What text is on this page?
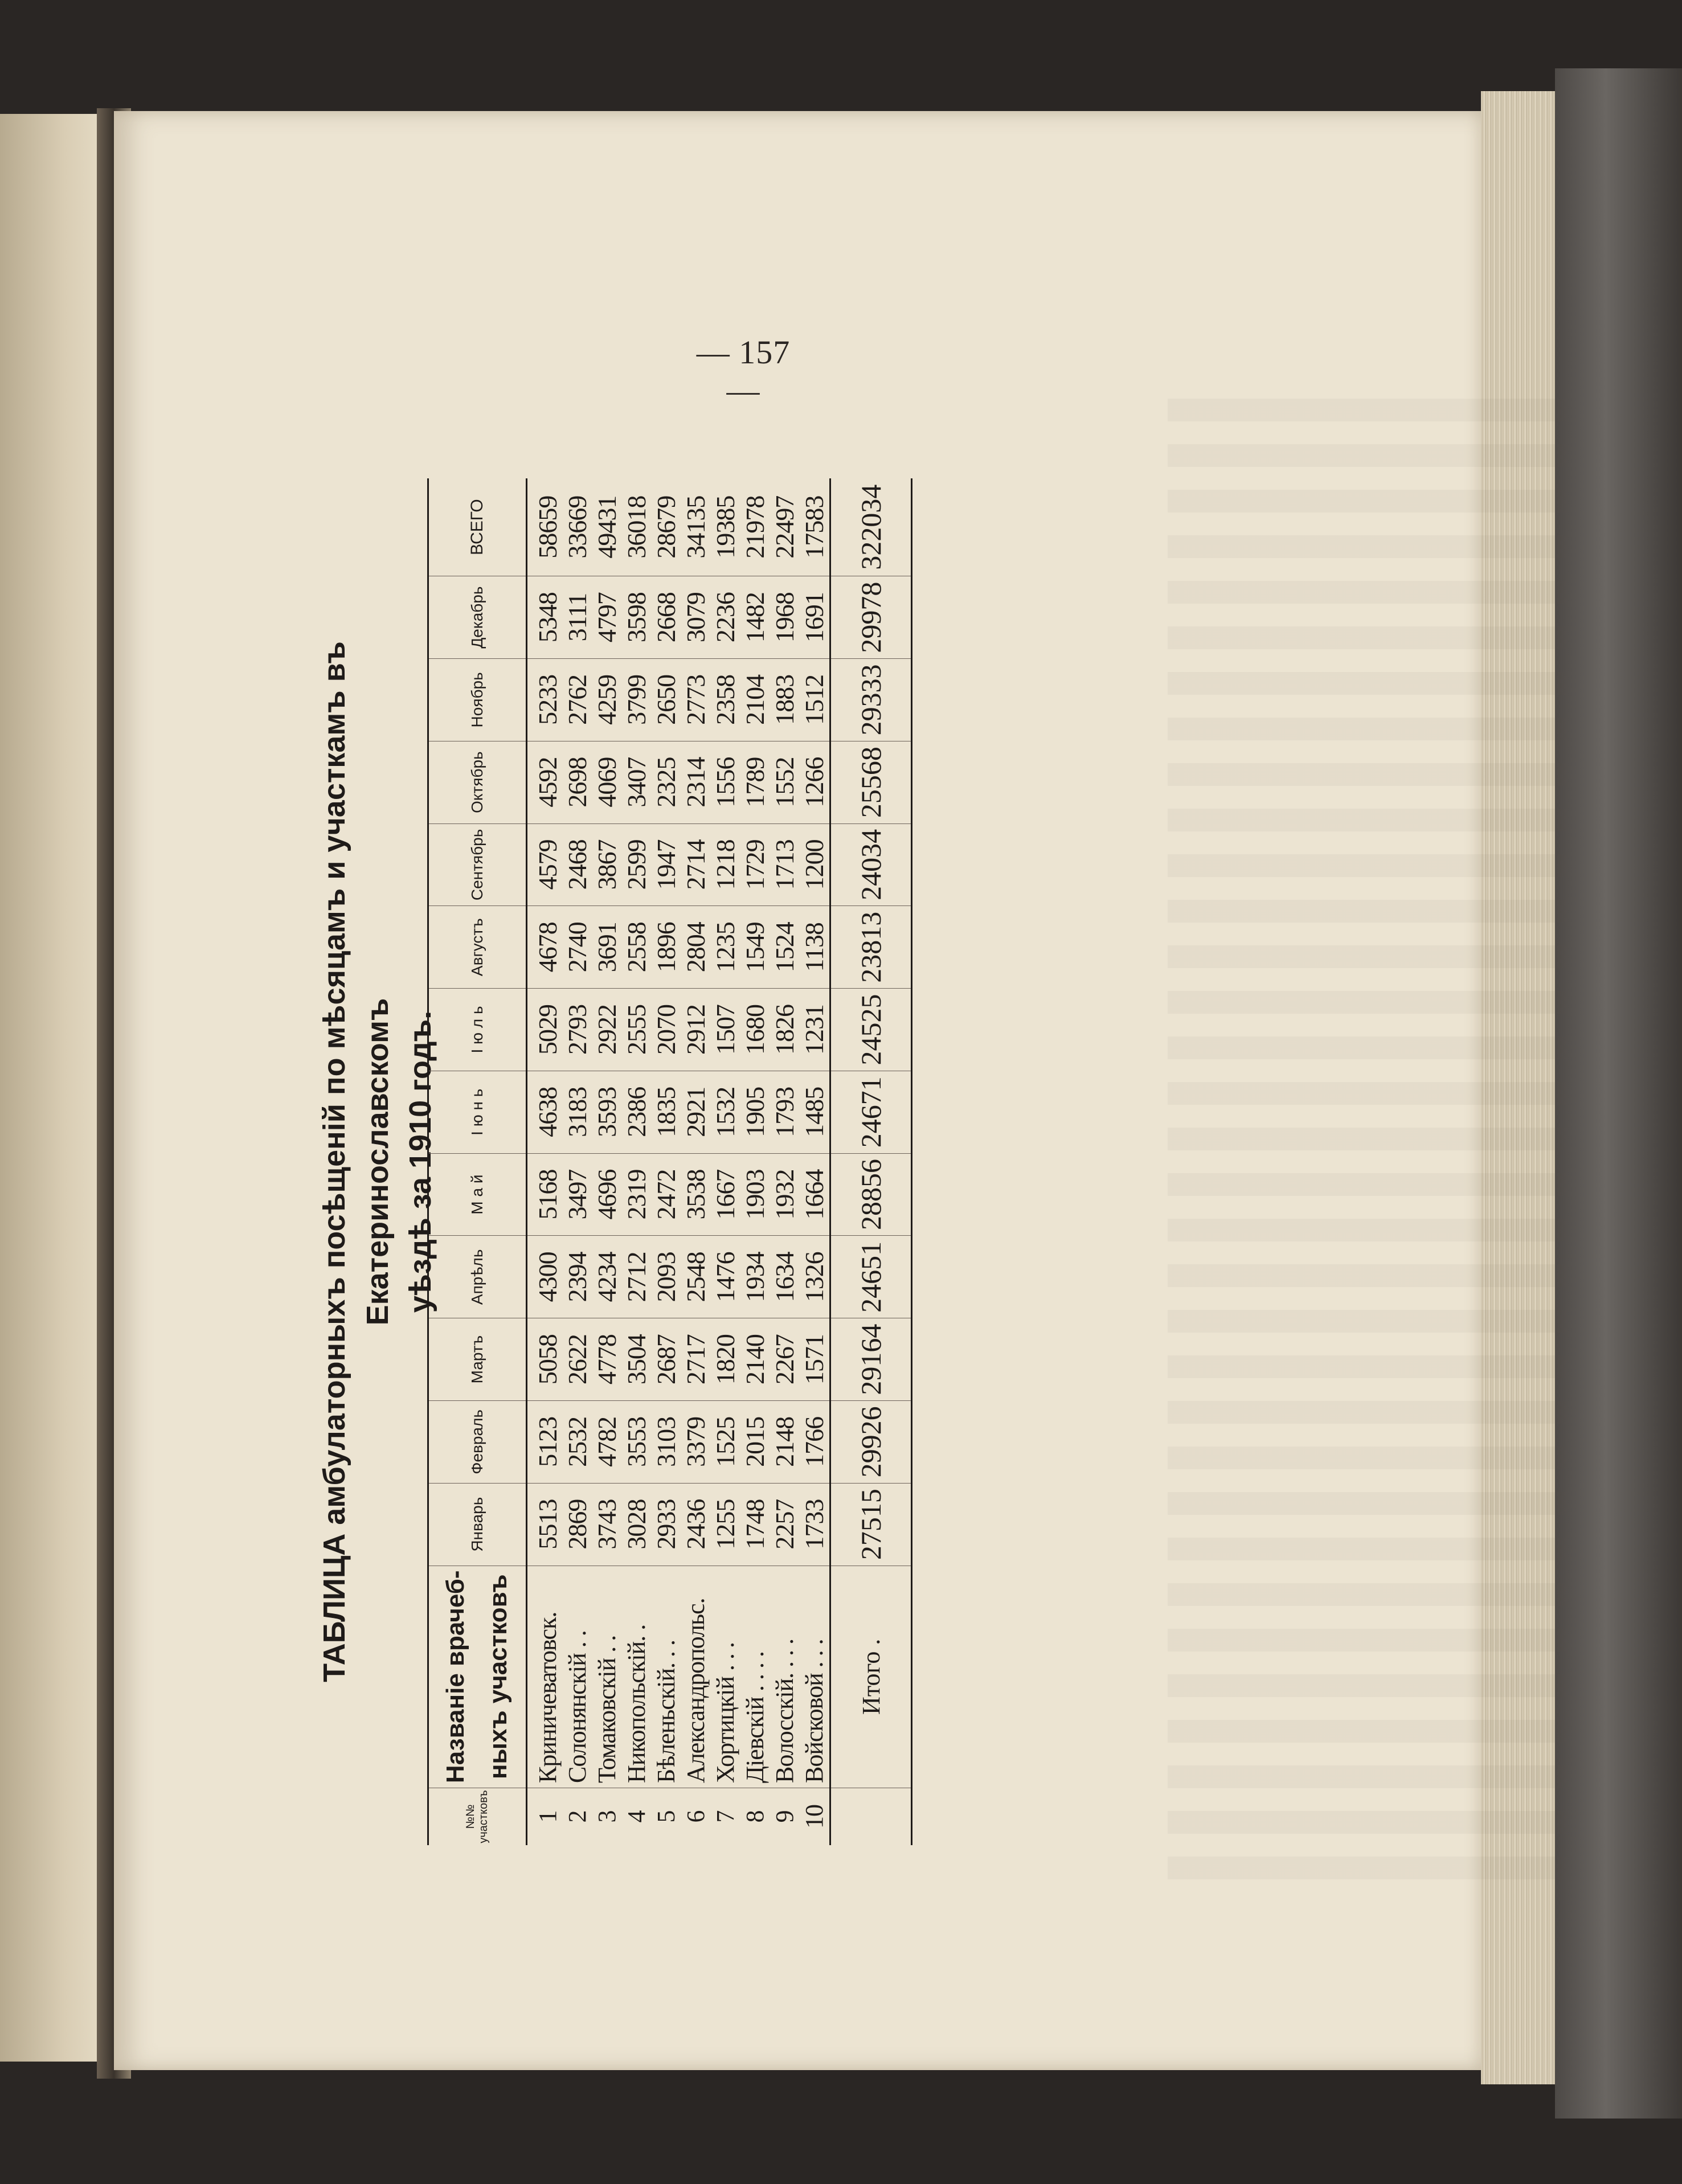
— 157—
ТАБЛИЦА амбулаторныхъ посѣщеній по мѣсяцамъ и участкамъ въ Екатеринославскомъ уѣздѣ за 1910 годъ.
№№ участковъ	Названіе врачеб- ныхъ участковъ	Январь	Февраль	Мартъ	Апрѣль	М а й	І ю н ь	І ю л ь	Августъ	Сентябрь	Октябрь	Ноябрь	Декабрь	ВСЕГО
1	Криничеватовск.	5513	5123	5058	4300	5168	4638	5029	4678	4579	4592	5233	5348	58659
2	Солонянскій . .	2869	2532	2622	2394	3497	3183	2793	2740	2468	2698	2762	3111	33669
3	Томаковскій . .	3743	4782	4778	4234	4696	3593	2922	3691	3867	4069	4259	4797	49431
4	Никопольскій. .	3028	3553	3504	2712	2319	2386	2555	2558	2599	3407	3799	3598	36018
5	Бѣленьскій. . .	2933	3103	2687	2093	2472	1835	2070	1896	1947	2325	2650	2668	28679
6	Александропольс.	2436	3379	2717	2548	3538	2921	2912	2804	2714	2314	2773	3079	34135
7	Хортицкій . . .	1255	1525	1820	1476	1667	1532	1507	1235	1218	1556	2358	2236	19385
8	Діевскій . . . .	1748	2015	2140	1934	1903	1905	1680	1549	1729	1789	2104	1482	21978
9	Волосскій. . . .	2257	2148	2267	1634	1932	1793	1826	1524	1713	1552	1883	1968	22497
10	Войсковой . . .	1733	1766	1571	1326	1664	1485	1231	1138	1200	1266	1512	1691	17583
	Итого .	27515	29926	29164	24651	28856	24671	24525	23813	24034	25568	29333	29978	322034
